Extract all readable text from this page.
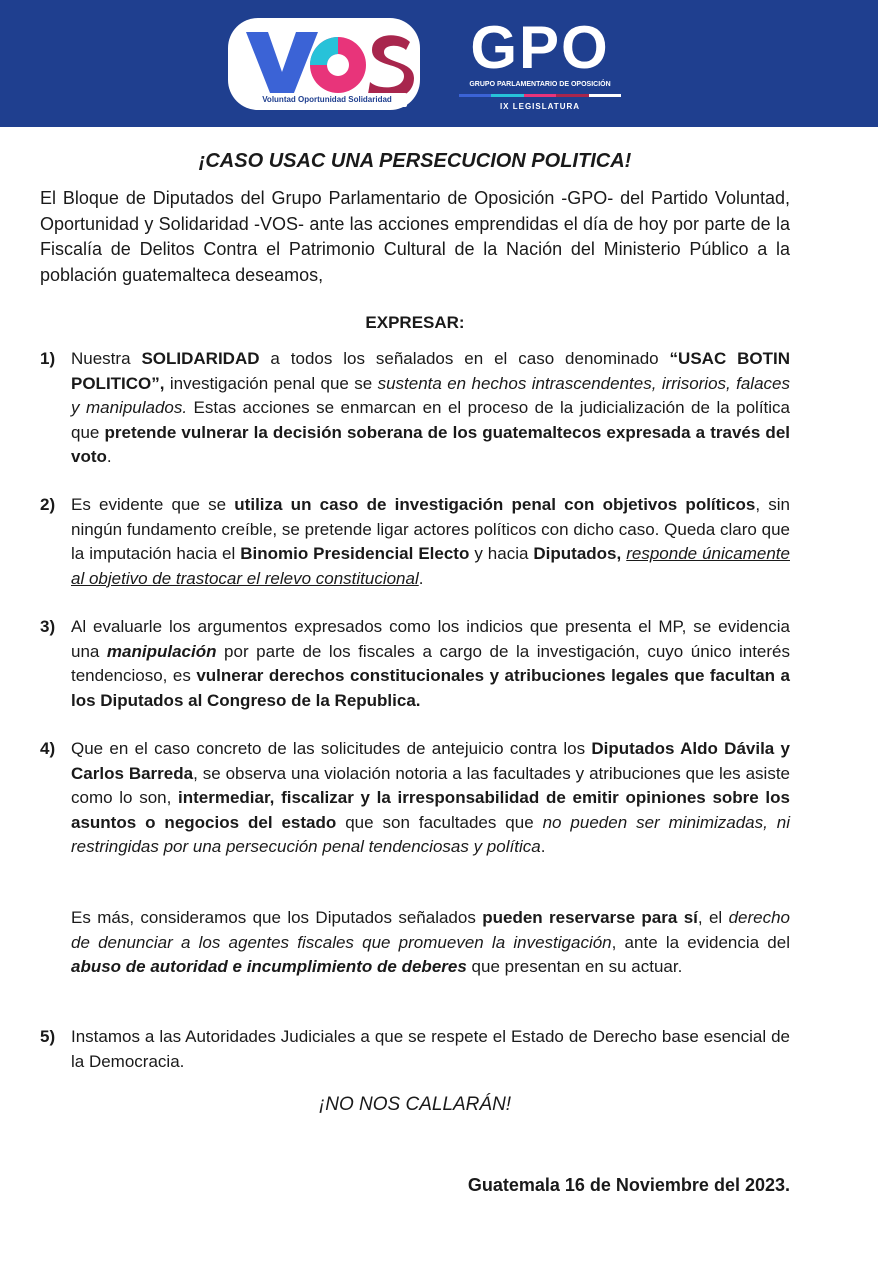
Voluntad Oportunidad Solidaridad
GPO
GRUPO PARLAMENTARIO DE OPOSICIÓN
IX LEGISLATURA
¡CASO USAC UNA PERSECUCION POLITICA!
El Bloque de Diputados del Grupo Parlamentario de Oposición -GPO- del Partido Voluntad, Oportunidad y Solidaridad -VOS- ante las acciones emprendidas el día de hoy por parte de la Fiscalía de Delitos Contra el Patrimonio Cultural de la Nación del Ministerio Público a la población guatemalteca deseamos,
EXPRESAR:
1) Nuestra SOLIDARIDAD a todos los señalados en el caso denominado “USAC BOTIN POLITICO”, investigación penal que se sustenta en hechos intrascendentes, irrisorios, falaces y manipulados. Estas acciones se enmarcan en el proceso de la judicialización de la política que pretende vulnerar la decisión soberana de los guatemaltecos expresada a través del voto.
2) Es evidente que se utiliza un caso de investigación penal con objetivos políticos, sin ningún fundamento creíble, se pretende ligar actores políticos con dicho caso. Queda claro que la imputación hacia el Binomio Presidencial Electo y hacia Diputados, responde únicamente al objetivo de trastocar el relevo constitucional.
3) Al evaluarle los argumentos expresados como los indicios que presenta el MP, se evidencia una manipulación por parte de los fiscales a cargo de la investigación, cuyo único interés tendencioso, es vulnerar derechos constitucionales y atribuciones legales que facultan a los Diputados al Congreso de la Republica.
4) Que en el caso concreto de las solicitudes de antejuicio contra los Diputados Aldo Dávila y Carlos Barreda, se observa una violación notoria a las facultades y atribuciones que les asiste como lo son, intermediar, fiscalizar y la irresponsabilidad de emitir opiniones sobre los asuntos o negocios del estado que son facultades que no pueden ser minimizadas, ni restringidas por una persecución penal tendenciosas y política.
Es más, consideramos que los Diputados señalados pueden reservarse para sí, el derecho de denunciar a los agentes fiscales que promueven la investigación, ante la evidencia del abuso de autoridad e incumplimiento de deberes que presentan en su actuar.
5) Instamos a las Autoridades Judiciales a que se respete el Estado de Derecho base esencial de la Democracia.
¡NO NOS CALLARÁN!
Guatemala 16 de Noviembre del 2023.
